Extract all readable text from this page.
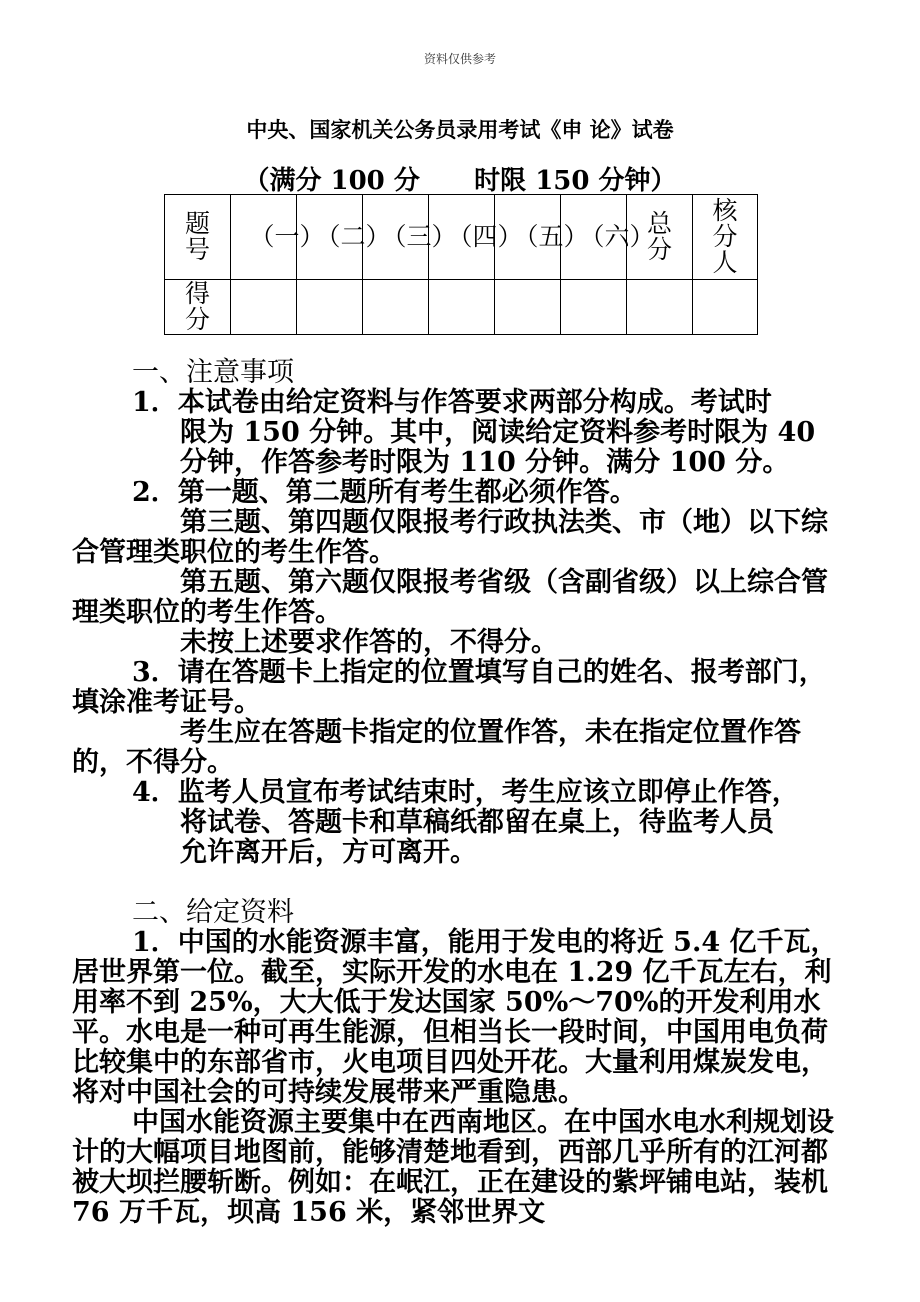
资料仅供参考
中央、国家机关公务员录用考试《申 论》试卷
（满分 100 分      时限 150 分钟）
题号	（一）	（二）	（三）	（四）	（五）	（六）	总分	核分人
得分								

一、注意事项

1．本试卷由给定资料与作答要求两部分构成。考试时

限为 150 分钟。其中，阅读给定资料参考时限为 40

分钟，作答参考时限为 110 分钟。满分 100 分。

2．第一题、第二题所有考生都必须作答。

第三题、第四题仅限报考行政执法类、市（地）以下综合管理类职位的考生作答。

第五题、第六题仅限报考省级（含副省级）以上综合管理类职位的考生作答。

未按上述要求作答的，不得分。

3．请在答题卡上指定的位置填写自己的姓名、报考部门，填涂准考证号。

考生应在答题卡指定的位置作答，未在指定位置作答的，不得分。

4．监考人员宣布考试结束时，考生应该立即停止作答，

将试卷、答题卡和草稿纸都留在桌上，待监考人员

允许离开后，方可离开。

二、给定资料

1．中国的水能资源丰富，能用于发电的将近 5.4 亿千瓦，居世界第一位。截至，实际开发的水电在 1.29 亿千瓦左右，利用率不到 25%，大大低于发达国家 50%～70%的开发利用水平。水电是一种可再生能源，但相当长一段时间，中国用电负荷比较集中的东部省市，火电项目四处开花。大量利用煤炭发电，将对中国社会的可持续发展带来严重隐患。

中国水能资源主要集中在西南地区。在中国水电水利规划设计的大幅项目地图前，能够清楚地看到，西部几乎所有的江河都被大坝拦腰斩断。例如：在岷江，正在建设的紫坪铺电站，装机 76 万千瓦，坝高 156 米，紧邻世界文
